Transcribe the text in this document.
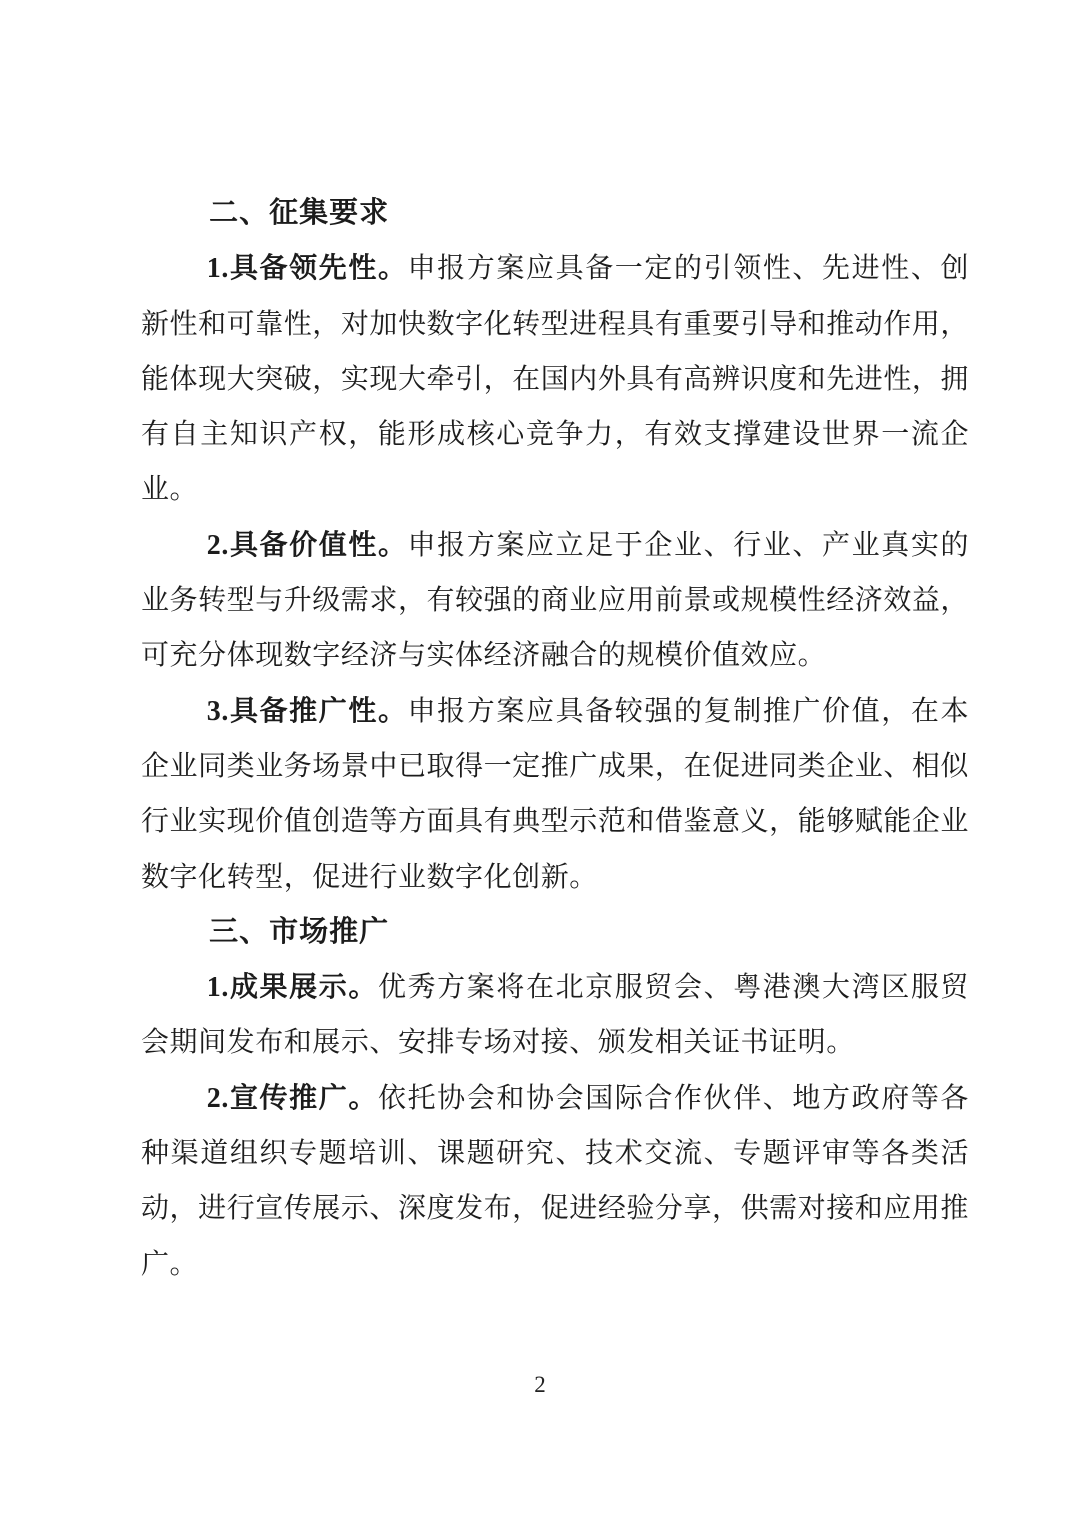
二、征集要求

1.具备领先性。申报方案应具备一定的引领性、先进性、创新性和可靠性，对加快数字化转型进程具有重要引导和推动作用，能体现大突破，实现大牵引，在国内外具有高辨识度和先进性，拥有自主知识产权，能形成核心竞争力，有效支撑建设世界一流企业。

2.具备价值性。申报方案应立足于企业、行业、产业真实的业务转型与升级需求，有较强的商业应用前景或规模性经济效益，可充分体现数字经济与实体经济融合的规模价值效应。

3.具备推广性。申报方案应具备较强的复制推广价值，在本企业同类业务场景中已取得一定推广成果，在促进同类企业、相似行业实现价值创造等方面具有典型示范和借鉴意义，能够赋能企业数字化转型，促进行业数字化创新。

三、市场推广

1.成果展示。优秀方案将在北京服贸会、粤港澳大湾区服贸会期间发布和展示、安排专场对接、颁发相关证书证明。

2.宣传推广。依托协会和协会国际合作伙伴、地方政府等各种渠道组织专题培训、课题研究、技术交流、专题评审等各类活动，进行宣传展示、深度发布，促进经验分享，供需对接和应用推广。

2
